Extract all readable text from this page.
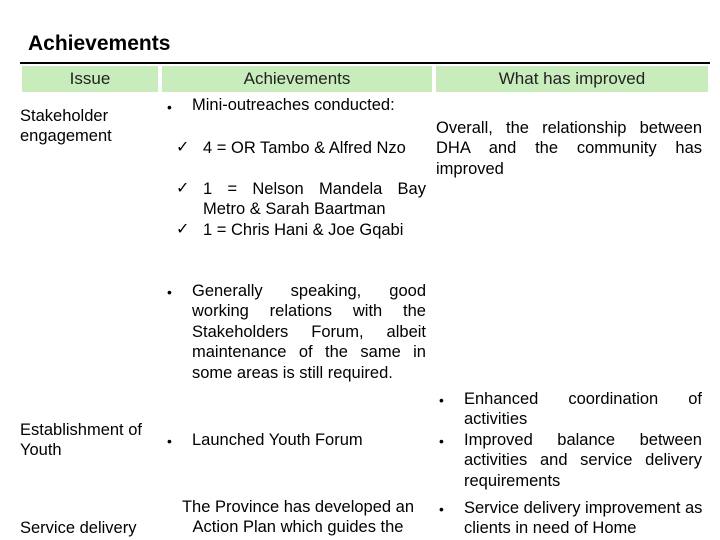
Achievements
Issue	Achievements	What has improved
Stakeholder engagement
• Mini-outreaches conducted:
✓ 4 = OR Tambo & Alfred Nzo
✓ 1 = Nelson Mandela Bay Metro & Sarah Baartman
✓ 1 = Chris Hani & Joe Gqabi
• Generally speaking, good working relations with the Stakeholders Forum, albeit maintenance of the same in some areas is still required.
Overall, the relationship between DHA and the community has improved
Establishment of Youth
• Launched Youth Forum
• Enhanced coordination of activities
• Improved balance between activities and service delivery requirements
Service delivery
The Province has developed an Action Plan which guides the
• Service delivery improvement as clients in need of Home
